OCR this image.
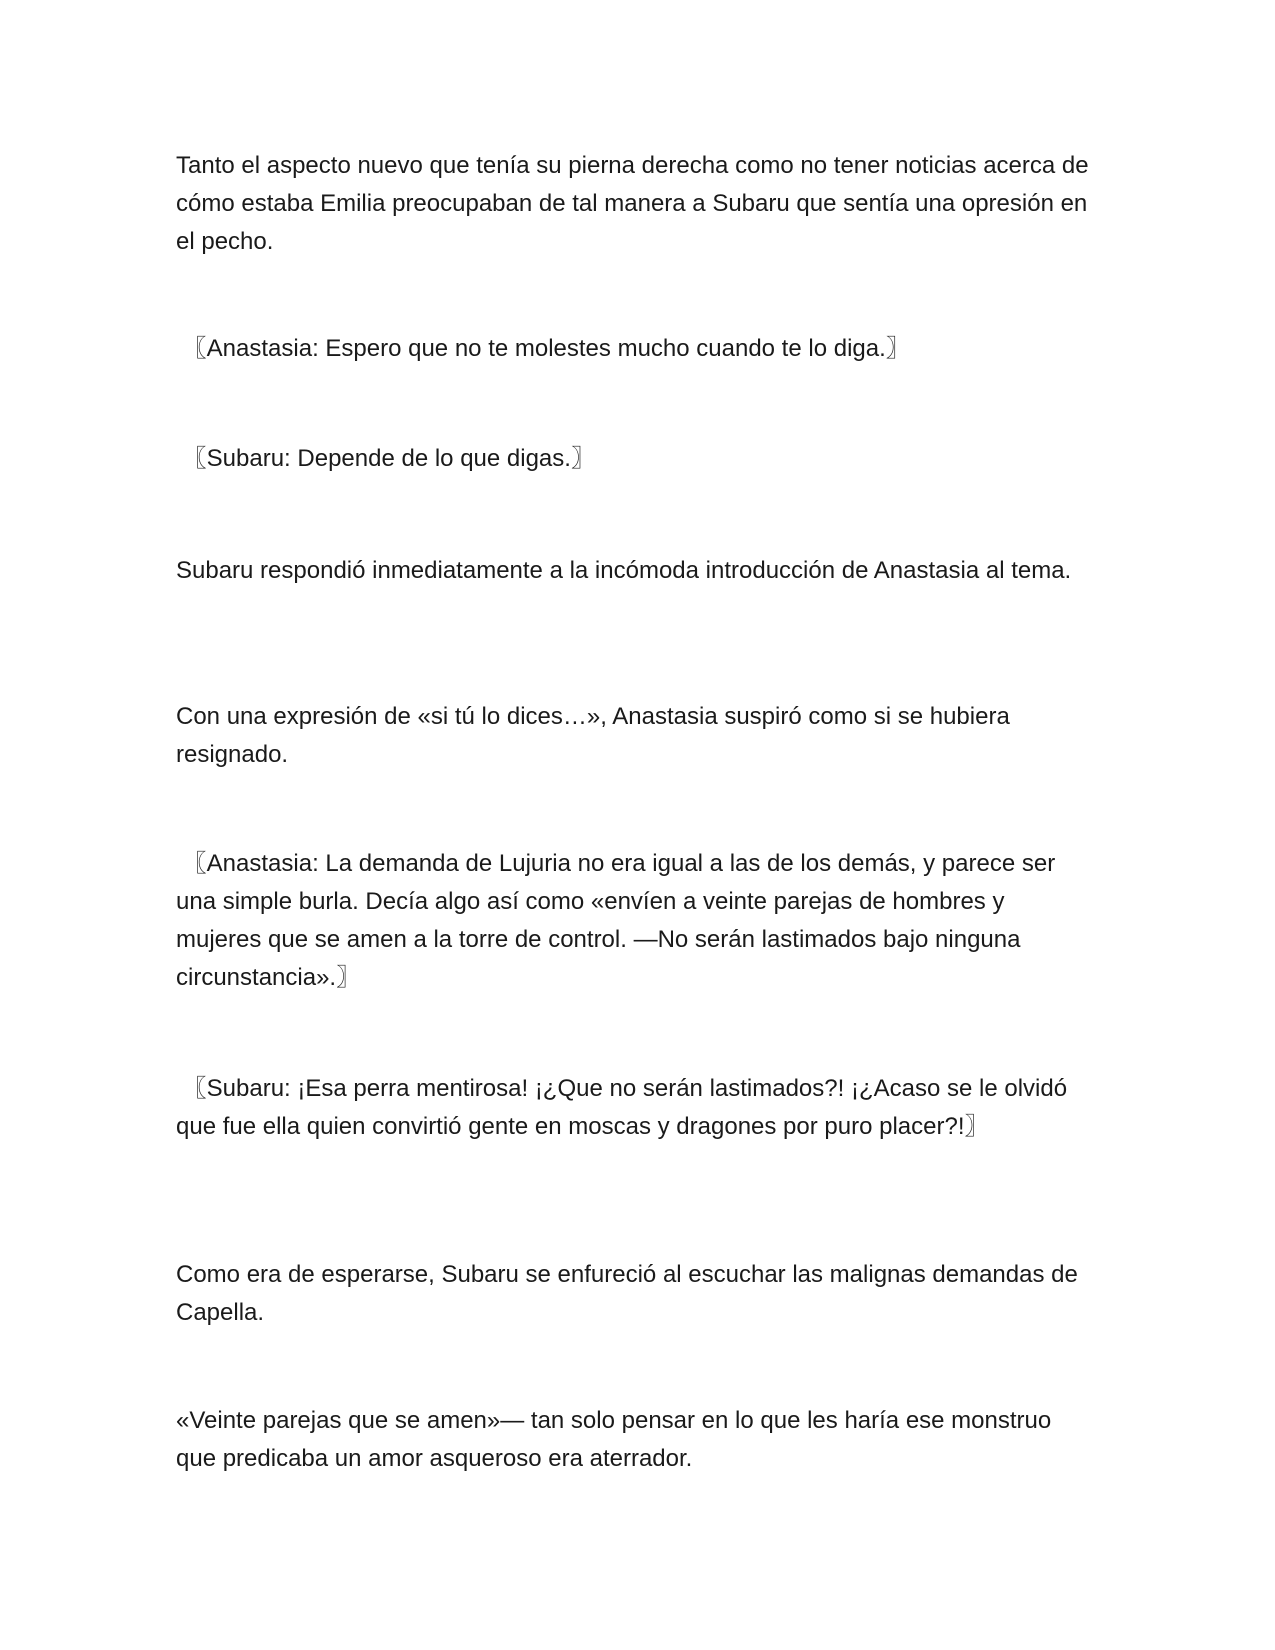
Tanto el aspecto nuevo que tenía su pierna derecha como no tener noticias acerca de cómo estaba Emilia preocupaban de tal manera a Subaru que sentía una opresión en el pecho.

〖Anastasia: Espero que no te molestes mucho cuando te lo diga.〗

〖Subaru: Depende de lo que digas.〗

Subaru respondió inmediatamente a la incómoda introducción de Anastasia al tema.

Con una expresión de «si tú lo dices…», Anastasia suspiró como si se hubiera resignado.

〖Anastasia: La demanda de Lujuria no era igual a las de los demás, y parece ser una simple burla. Decía algo así como «envíen a veinte parejas de hombres y mujeres que se amen a la torre de control. —No serán lastimados bajo ninguna circunstancia».〗

〖Subaru: ¡Esa perra mentirosa! ¡¿Que no serán lastimados?! ¡¿Acaso se le olvidó que fue ella quien convirtió gente en moscas y dragones por puro placer?!〗

Como era de esperarse, Subaru se enfureció al escuchar las malignas demandas de Capella.

«Veinte parejas que se amen»— tan solo pensar en lo que les haría ese monstruo que predicaba un amor asqueroso era aterrador.
